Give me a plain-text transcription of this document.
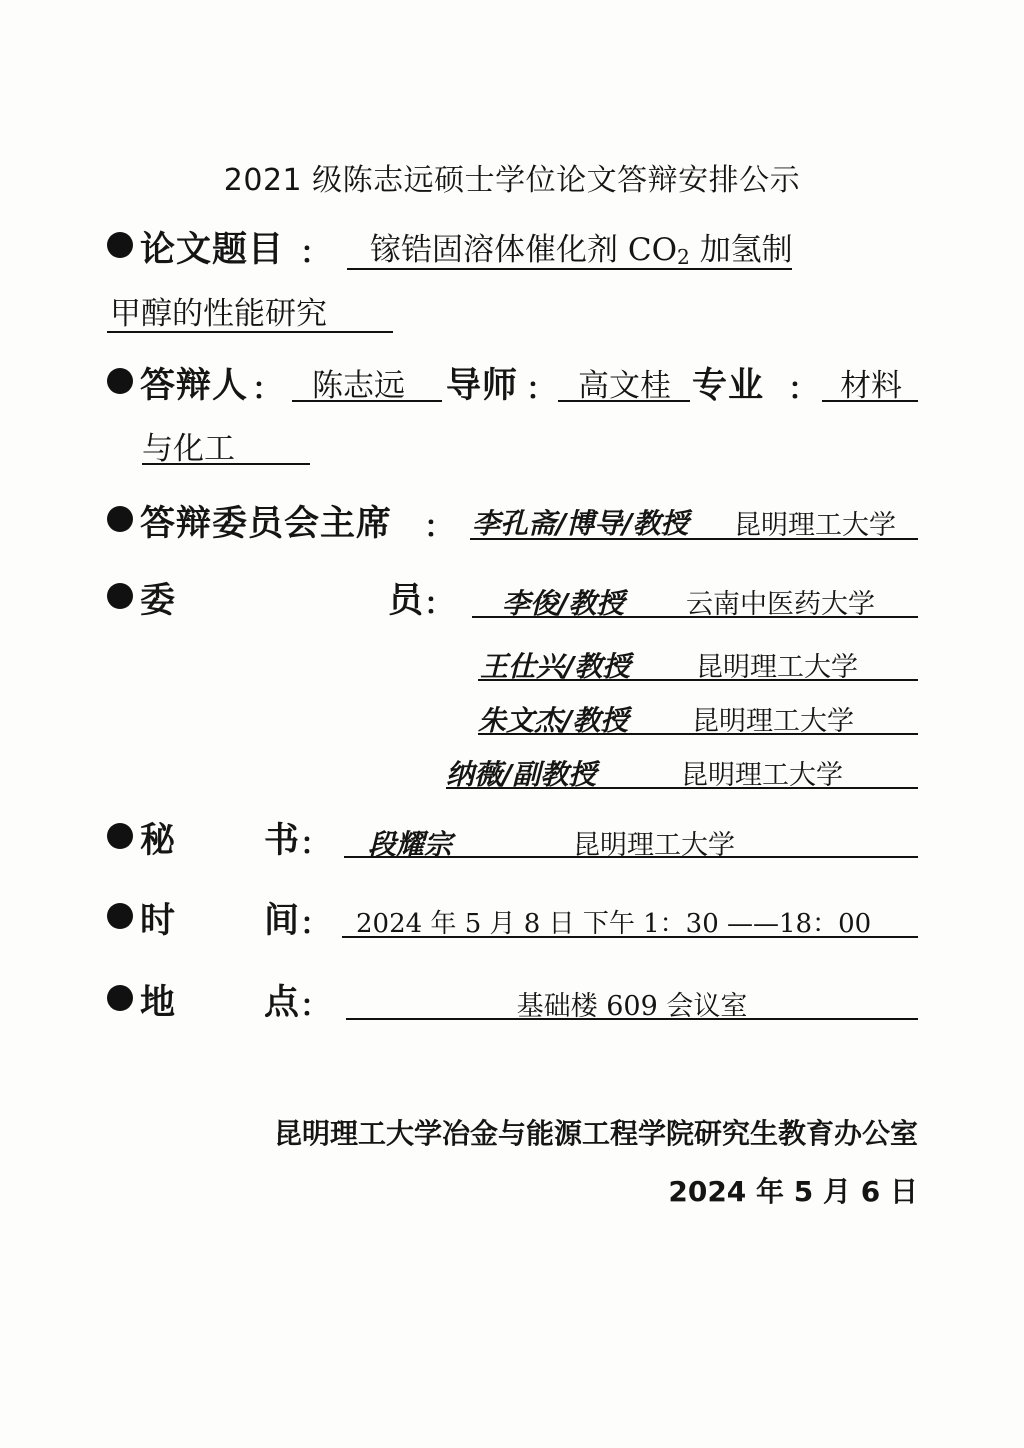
2021 级陈志远硕士学位论文答辩安排公示
论文题目 ： 镓锆固溶体催化剂 $CO_2$ 加氢制
甲醇的性能研究
答辩人 ： 陈志远 导师 ： 高文桂 专业 ： 材料
与化工
答辩委员会主席 ： 李孔斋/博导/教授 昆明理工大学
委	员 ： 李俊/教授 云南中医药大学
王仕兴/教授 昆明理工大学
朱文杰/教授 昆明理工大学
纳薇/副教授	昆明理工大学
秘	书 ： 段耀宗	昆明理工大学
时	间 ： 2024 年 5 月 8 日 下午 1：30 ——18：00
地	点 ：	基础楼 609 会议室
昆明理工大学冶金与能源工程学院研究生教育办公室
2024 年 5 月 6 日
